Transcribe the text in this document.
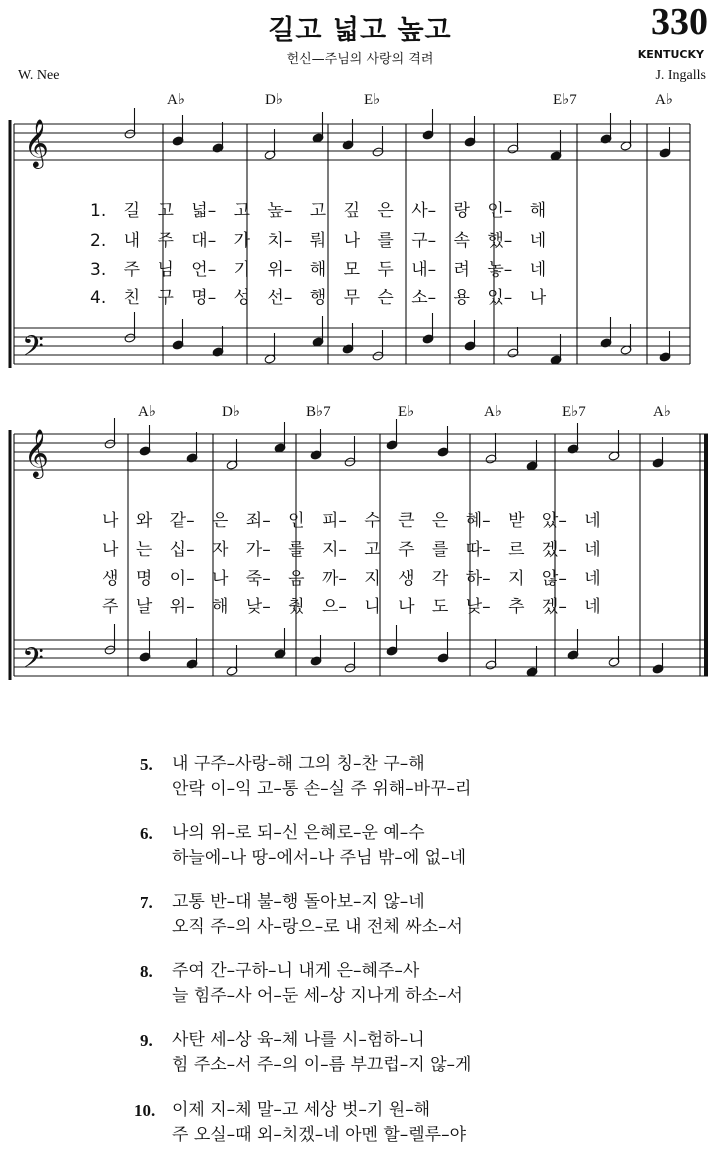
길고 넓고 높고	330
헌신—주님의 사랑의 격려	KENTUCKY
W. Nee	J. Ingalls
𝄞
𝄢
𝄞
𝄢
A♭	D♭	E♭	E♭7	A♭
1. 길 고 넓– 고 높– 고 깊 은 사– 랑 인– 해
2. 내 주 대– 가 치– 뤄 나 를 구– 속 했– 네
3. 주 님 언– 기 위– 해 모 두 내– 려 놓– 네
4. 친 구 명– 성 선– 행 무 슨 소– 용 있– 나
A♭	D♭	B♭7	E♭	A♭	E♭7	A♭
나 와 같– 은 죄– 인 피– 수 큰 은 혜– 받 았– 네
나 는 십– 자 가– 를 지– 고 주 를 따– 르 겠– 네
생 명 이– 나 죽– 음 까– 지 생 각 하– 지 않– 네
주 날 위– 해 낮– 췄 으– 니 나 도 낮– 추 겠– 네
5. 내 구주–사랑–해 그의 칭–찬 구–해
안락 이–익 고–통 손–실 주 위해–바꾸–리
6. 나의 위–로 되–신 은혜로–운 예–수
하늘에–나 땅–에서–나 주님 밖–에 없–네
7. 고통 반–대 불–행 돌아보–지 않–네
오직 주–의 사–랑으–로 내 전체 싸소–서
8. 주여 간–구하–니 내게 은–혜주–사
늘 힘주–사 어–둔 세–상 지나게 하소–서
9. 사탄 세–상 육–체 나를 시–험하–니
힘 주소–서 주–의 이–름 부끄럽–지 않–게
10. 이제 지–체 말–고 세상 벗–기 원–해
주 오실–때 외–치겠–네 아멘 할–렐루–야
